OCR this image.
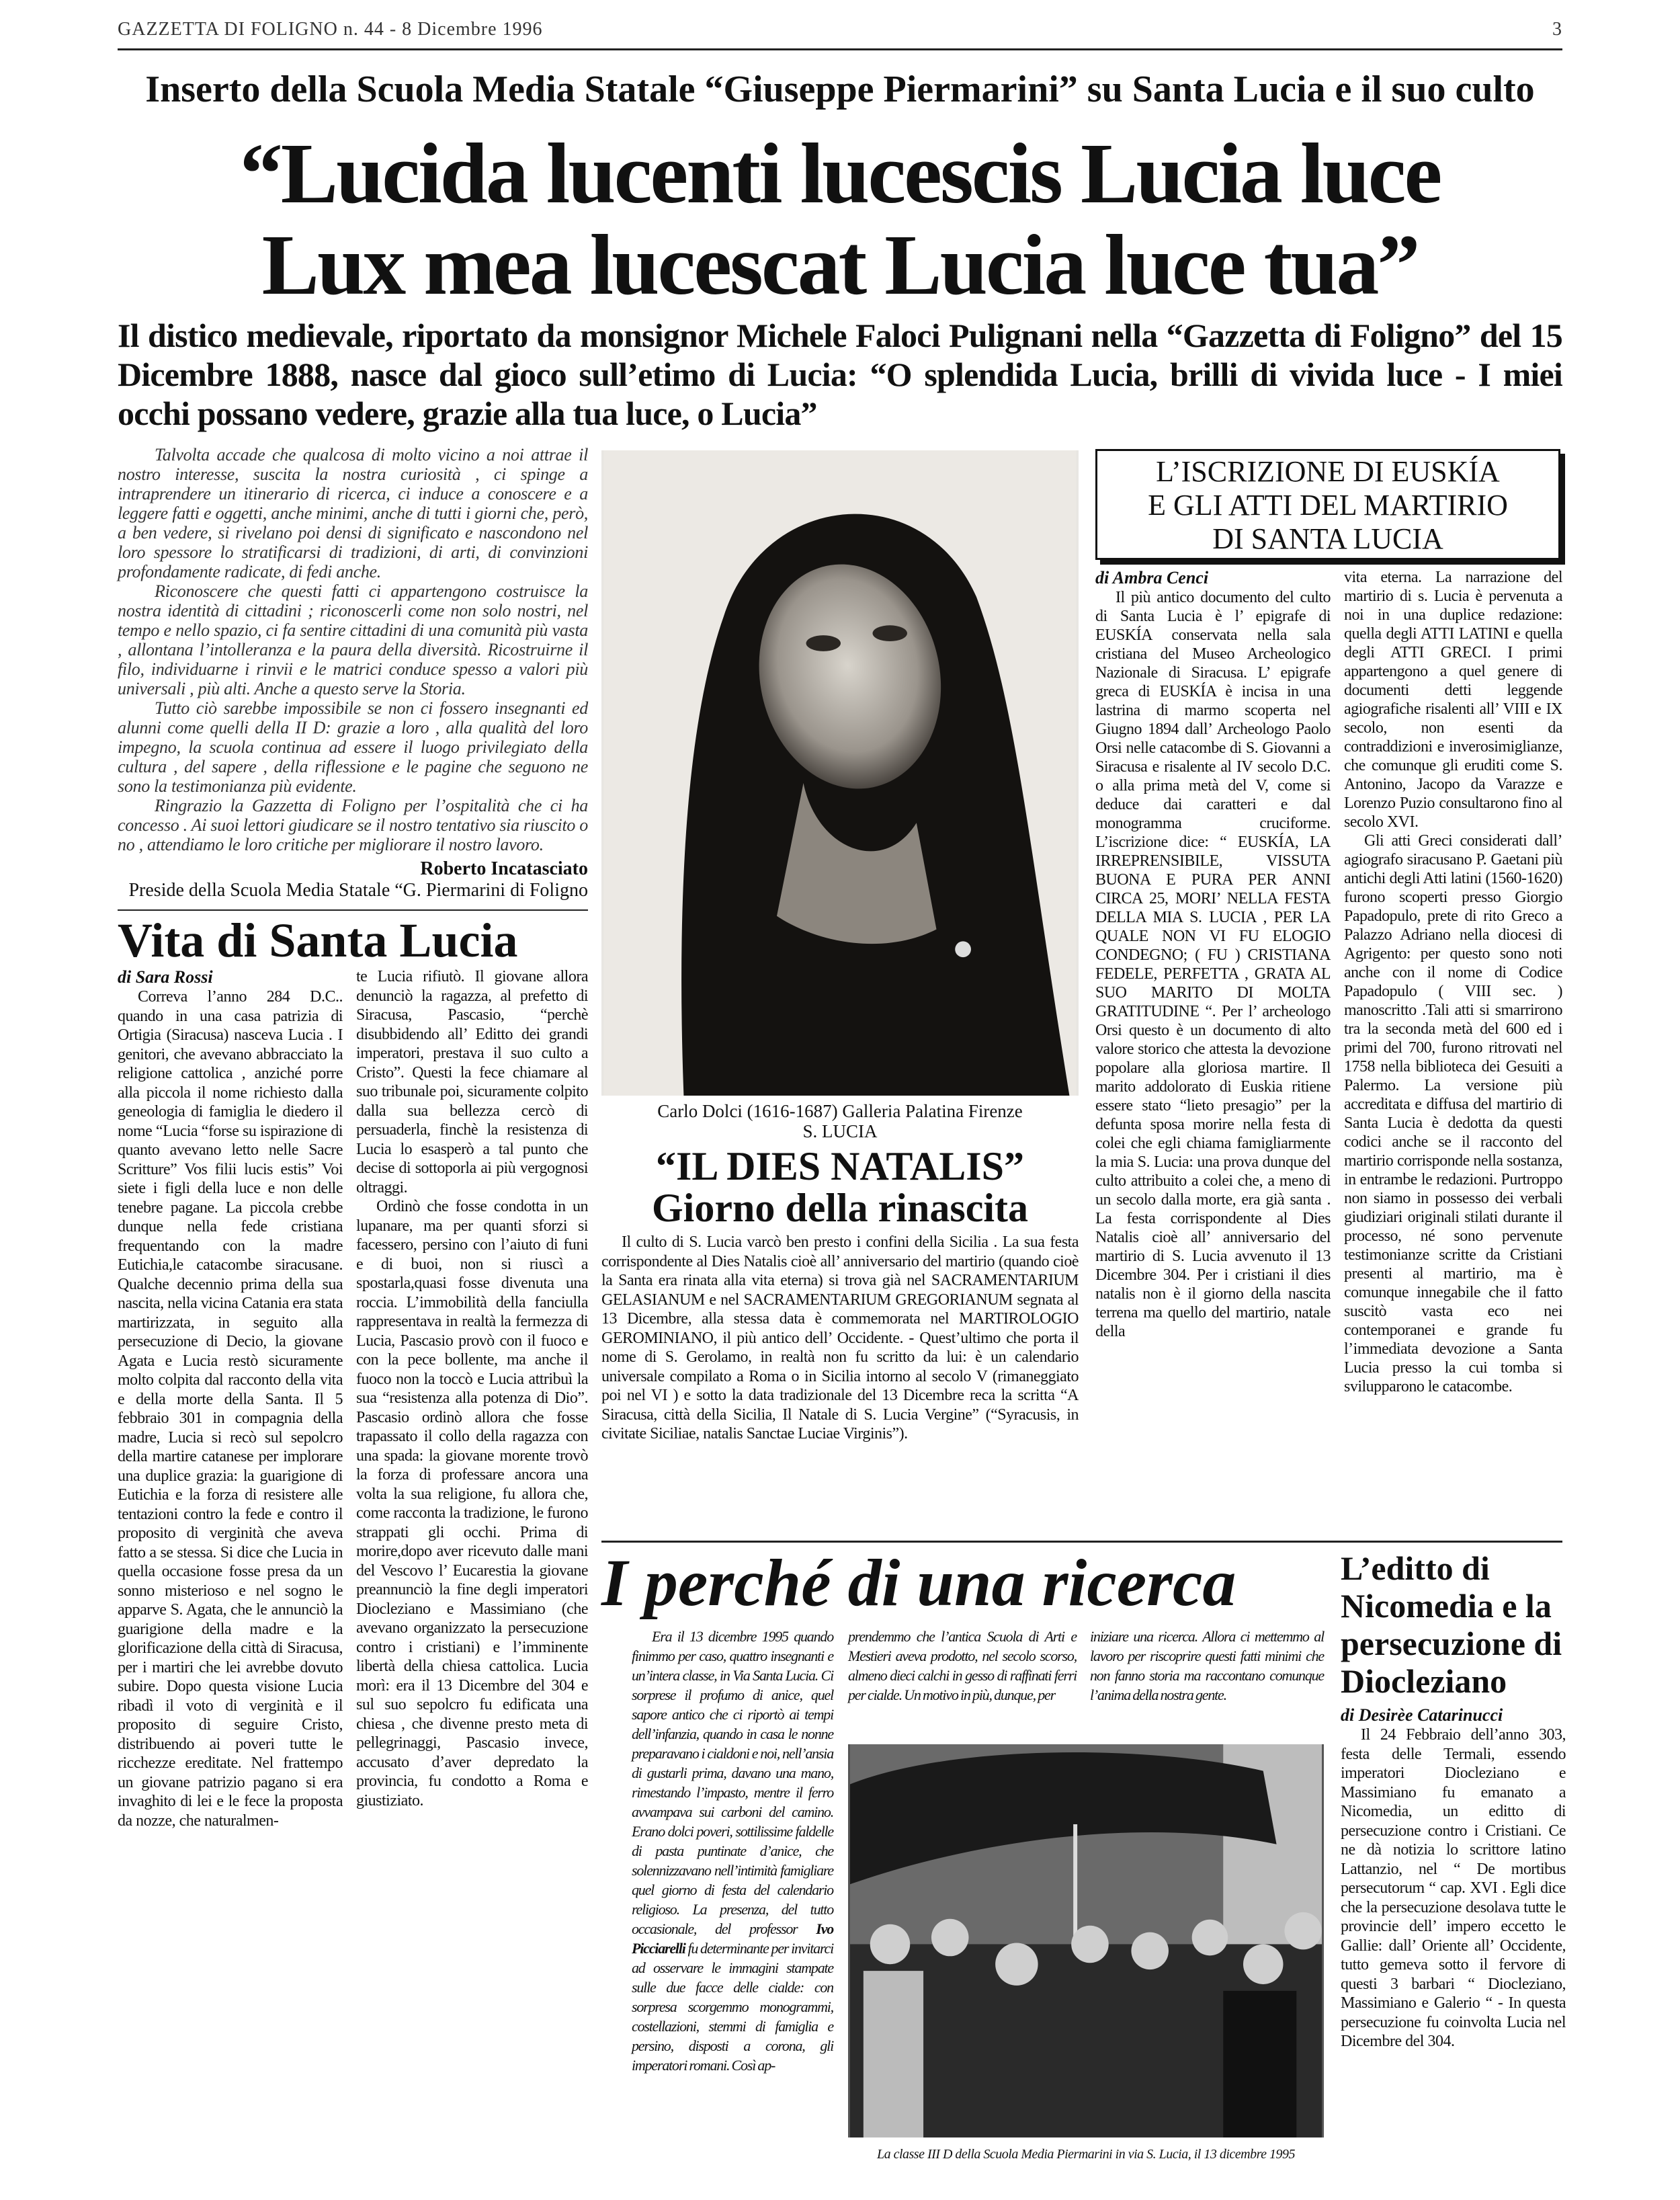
GAZZETTA DI FOLIGNO n. 44 - 8 Dicembre 1996	3
Inserto della Scuola Media Statale “Giuseppe Piermarini” su Santa Lucia e il suo culto
“Lucida lucenti lucescis Lucia luce
Lux mea lucescat Lucia luce tua”
Il distico medievale, riportato da monsignor Michele Faloci Pulignani nella “Gazzetta di Foligno” del 15 Dicembre 1888, nasce dal gioco sull’etimo di Lucia: “O splendida Lucia, brilli di vivida luce - I miei occhi possano vedere, grazie alla tua luce, o Lucia”

Talvolta accade che qualcosa di molto vicino a noi attrae il nostro interesse, suscita la nostra curiosità , ci spinge a intraprendere un itinerario di ricerca, ci induce a conoscere e a leggere fatti e oggetti, anche minimi, anche di tutti i giorni che, però, a ben vedere, si rivelano poi densi di significato e nascondono nel loro spessore lo stratificarsi di tradizioni, di arti, di convinzioni profondamente radicate, di fedi anche.

Riconoscere che questi fatti ci appartengono costruisce la nostra identità di cittadini ; riconoscerli come non solo nostri, nel tempo e nello spazio, ci fa sentire cittadini di una comunità più vasta , allontana l’intolleranza e la paura della diversità. Ricostruirne il filo, individuarne i rinvii e le matrici conduce spesso a valori più universali , più alti. Anche a questo serve la Storia.

Tutto ciò sarebbe impossibile se non ci fossero insegnanti ed alunni come quelli della II D: grazie a loro , alla qualità del loro impegno, la scuola continua ad essere il luogo privilegiato della cultura , del sapere , della riflessione e le pagine che seguono ne sono la testimonianza più evidente.

Ringrazio la Gazzetta di Foligno per l’ospitalità che ci ha concesso . Ai suoi lettori giudicare se il nostro tentativo sia riuscito o no , attendiamo le loro critiche per migliorare il nostro lavoro.

Roberto Incatasciato
Preside della Scuola Media Statale “G. Piermarini di Foligno
Vita di Santa Lucia
di Sara Rossi

Correva l’anno 284 D.C.. quando in una casa patrizia di Ortigia (Siracusa) nasceva Lucia . I genitori, che avevano abbracciato la religione cattolica , anziché porre alla piccola il nome richiesto dalla geneologia di famiglia le diedero il nome “Lucia “forse su ispirazione di quanto avevano letto nelle Sacre Scritture” Vos filii lucis estis” Voi siete i figli della luce e non delle tenebre pagane. La piccola crebbe dunque nella fede cristiana frequentando con la madre Eutichia,le catacombe siracusane. Qualche decennio prima della sua nascita, nella vicina Catania era stata martirizzata, in seguito alla persecuzione di Decio, la giovane Agata e Lucia restò sicuramente molto colpita dal racconto della vita e della morte della Santa. Il 5 febbraio 301 in compagnia della madre, Lucia si recò sul sepolcro della martire catanese per implorare una duplice grazia: la guarigione di Eutichia e la forza di resistere alle tentazioni contro la fede e contro il proposito di verginità che aveva fatto a se stessa. Si dice che Lucia in quella occasione fosse presa da un sonno misterioso e nel sogno le apparve S. Agata, che le annunciò la guarigione della madre e la glorificazione della città di Siracusa, per i martiri che lei avrebbe dovuto subire. Dopo questa visione Lucia ribadì il voto di verginità e il proposito di seguire Cristo, distribuendo ai poveri tutte le ricchezze ereditate. Nel frattempo un giovane patrizio pagano si era invaghito di lei e le fece la proposta da nozze, che naturalmen-

te Lucia rifiutò. Il giovane allora denunciò la ragazza, al prefetto di Siracusa, Pascasio, “perchè disubbidendo all’ Editto dei grandi imperatori, prestava il suo culto a Cristo”. Questi la fece chiamare al suo tribunale poi, sicuramente colpito dalla sua bellezza cercò di persuaderla, finchè la resistenza di Lucia lo esasperò a tal punto che decise di sottoporla ai più vergognosi oltraggi.

Ordinò che fosse condotta in un lupanare, ma per quanti sforzi si facessero, persino con l’aiuto di funi e di buoi, non si riuscì a spostarla,quasi fosse divenuta una roccia. L’immobilità della fanciulla rappresentava in realtà la fermezza di Lucia, Pascasio provò con il fuoco e con la pece bollente, ma anche il fuoco non la toccò e Lucia attribuì la sua “resistenza alla potenza di Dio”. Pascasio ordinò allora che fosse trapassato il collo della ragazza con una spada: la giovane morente trovò la forza di professare ancora una volta la sua religione, fu allora che, come racconta la tradizione, le furono strappati gli occhi. Prima di morire,dopo aver ricevuto dalle mani del Vescovo l’ Eucarestia la giovane preannunciò la fine degli imperatori Diocleziano e Massimiano (che avevano organizzato la persecuzione contro i cristiani) e l’imminente libertà della chiesa cattolica. Lucia morì: era il 13 Dicembre del 304 e sul suo sepolcro fu edificata una chiesa , che divenne presto meta di pellegrinaggi, Pascasio invece, accusato d’aver depredato la provincia, fu condotto a Roma e giustiziato.

Carlo Dolci (1616-1687) Galleria Palatina Firenze
S. LUCIA
“IL DIES NATALIS”
Giorno della rinascita

Il culto di S. Lucia varcò ben presto i confini della Sicilia . La sua festa corrispondente al Dies Natalis cioè all’ anniversario del martirio (quando cioè la Santa era rinata alla vita eterna) si trova già nel SACRAMENTARIUM GELASIANUM e nel SACRAMENTARIUM GREGORIANUM segnata al 13 Dicembre, alla stessa data è commemorata nel MARTIROLOGIO GEROMINIANO, il più antico dell’ Occidente. - Quest’ultimo che porta il nome di S. Gerolamo, in realtà non fu scritto da lui: è un calendario universale compilato a Roma o in Sicilia intorno al secolo V (rimaneggiato poi nel VI ) e sotto la data tradizionale del 13 Dicembre reca la scritta “A Siracusa, città della Sicilia, Il Natale di S. Lucia Vergine” (“Syracusis, in civitate Siciliae, natalis Sanctae Luciae Virginis”).

L’ISCRIZIONE DI EUSKÍA
E GLI ATTI DEL MARTIRIO
DI SANTA LUCIA
di Ambra Cenci

Il più antico documento del culto di Santa Lucia è l’ epigrafe di EUSKÍA conservata nella sala cristiana del Museo Archeologico Nazionale di Siracusa. L’ epigrafe greca di EUSKÍA è incisa in una lastrina di marmo scoperta nel Giugno 1894 dall’ Archeologo Paolo Orsi nelle catacombe di S. Giovanni a Siracusa e risalente al IV secolo D.C. o alla prima metà del V, come si deduce dai caratteri e dal monogramma cruciforme. L’iscrizione dice: “ EUSKÍA, LA IRREPRENSIBILE, VISSUTA BUONA E PURA PER ANNI CIRCA 25, MORI’ NELLA FESTA DELLA MIA S. LUCIA , PER LA QUALE NON VI FU ELOGIO CONDEGNO; ( FU ) CRISTIANA FEDELE, PERFETTA , GRATA AL SUO MARITO DI MOLTA GRATITUDINE “. Per l’ archeologo Orsi questo è un documento di alto valore storico che attesta la devozione popolare alla gloriosa martire. Il marito addolorato di Euskia ritiene essere stato “lieto presagio” per la defunta sposa morire nella festa di colei che egli chiama famigliarmente la mia S. Lucia: una prova dunque del culto attribuito a colei che, a meno di un secolo dalla morte, era già santa . La festa corrispondente al Dies Natalis cioè all’ anniversario del martirio di S. Lucia avvenuto il 13 Dicembre 304. Per i cristiani il dies natalis non è il giorno della nascita terrena ma quello del martirio, natale della

vita eterna. La narrazione del martirio di s. Lucia è pervenuta a noi in una duplice redazione: quella degli ATTI LATINI e quella degli ATTI GRECI. I primi appartengono a quel genere di documenti detti leggende agiografiche risalenti all’ VIII e IX secolo, non esenti da contraddizioni e inverosimiglianze, che comunque gli eruditi come S. Antonino, Jacopo da Varazze e Lorenzo Puzio consultarono fino al secolo XVI.

Gli atti Greci considerati dall’ agiografo siracusano P. Gaetani più antichi degli Atti latini (1560-1620) furono scoperti presso Giorgio Papadopulo, prete di rito Greco a Palazzo Adriano nella diocesi di Agrigento: per questo sono noti anche con il nome di Codice Papadopulo ( VIII sec. ) manoscritto .Tali atti si smarrirono tra la seconda metà del 600 ed i primi del 700, furono ritrovati nel 1758 nella biblioteca dei Gesuiti a Palermo. La versione più accreditata e diffusa del martirio di Santa Lucia è dedotta da questi codici anche se il racconto del martirio corrisponde nella sostanza, in entrambe le redazioni. Purtroppo non siamo in possesso dei verbali giudiziari originali stilati durante il processo, né sono pervenute testimonianze scritte da Cristiani presenti al martirio, ma è comunque innegabile che il fatto suscitò vasta eco nei contemporanei e grande fu l’immediata devozione a Santa Lucia presso la cui tomba si svilupparono le catacombe.

I perché di una ricerca

Era il 13 dicembre 1995 quando finimmo per caso, quattro insegnanti e un’intera classe, in Via Santa Lucia. Ci sorprese il profumo di anice, quel sapore antico che ci riportò ai tempi dell’infanzia, quando in casa le nonne preparavano i cialdoni e noi, nell’ansia di gustarli prima, davano una mano, rimestando l’impasto, mentre il ferro avvampava sui carboni del camino. Erano dolci poveri, sottilissime faldelle di pasta puntinate d’anice, che solennizzavano nell’intimità famigliare quel giorno di festa del calendario religioso. La presenza, del tutto occasionale, del professor Ivo Picciarelli fu determinante per invitarci ad osservare le immagini stampate sulle due facce delle cialde: con sorpresa scorgemmo monogrammi, costellazioni, stemmi di famiglia e persino, disposti a corona, gli imperatori romani. Così ap-

prendemmo che l’antica Scuola di Arti e Mestieri aveva prodotto, nel secolo scorso, almeno dieci calchi in gesso di raffinati ferri per cialde. Un motivo in più, dunque, per

iniziare una ricerca. Allora ci mettemmo al lavoro per riscoprire questi fatti minimi che non fanno storia ma raccontano comunque l’anima della nostra gente.

La classe III D della Scuola Media Piermarini in via S. Lucia, il 13 dicembre 1995
L’editto di Nicomedia e la persecuzione di Diocleziano
di Desirèe Catarinucci

Il 24 Febbraio dell’anno 303, festa delle Termali, essendo imperatori Diocleziano e Massimiano fu emanato a Nicomedia, un editto di persecuzione contro i Cristiani. Ce ne dà notizia lo scrittore latino Lattanzio, nel “ De mortibus persecutorum “ cap. XVI . Egli dice che la persecuzione desolava tutte le provincie dell’ impero eccetto le Gallie: dall’ Oriente all’ Occidente, tutto gemeva sotto il fervore di questi 3 barbari “ Diocleziano, Massimiano e Galerio “ - In questa persecuzione fu coinvolta Lucia nel Dicembre del 304.
